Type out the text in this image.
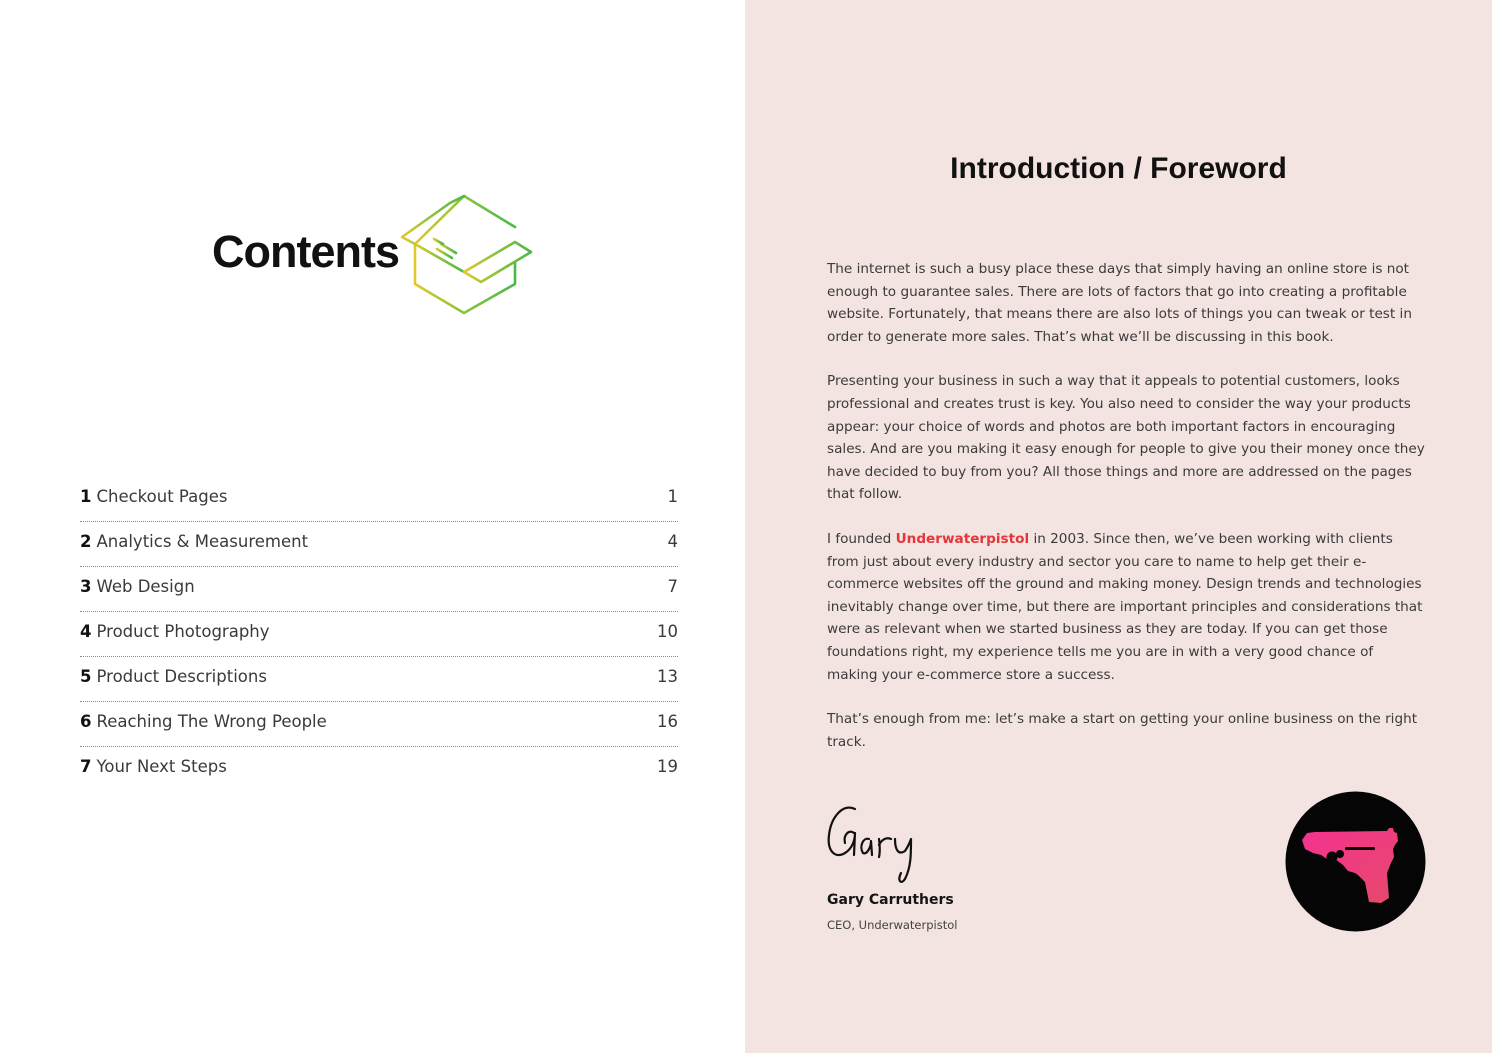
Contents
1 Checkout Pages	1
2 Analytics & Measurement	4
3 Web Design	7
4 Product Photography	10
5 Product Descriptions	13
6 Reaching The Wrong People	16
7 Your Next Steps	19
Introduction / Foreword

The internet is such a busy place these days that simply having an online store is not enough to guarantee sales. There are lots of factors that go into creating a profitable website. Fortunately, that means there are also lots of things you can tweak or test in order to generate more sales. That’s what we’ll be discussing in this book.

Presenting your business in such a way that it appeals to potential customers, looks professional and creates trust is key. You also need to consider the way your products appear: your choice of words and photos are both important factors in encouraging sales. And are you making it easy enough for people to give you their money once they have decided to buy from you? All those things and more are addressed on the pages that follow.

I founded Underwaterpistol in 2003. Since then, we’ve been working with clients from just about every industry and sector you care to name to help get their e-commerce websites off the ground and making money. Design trends and technologies inevitably change over time, but there are important principles and considerations that were as relevant when we started business as they are today. If you can get those foundations right, my experience tells me you are in with a very good chance of making your e-commerce store a success.

That’s enough from me: let’s make a start on getting your online business on the right track.

Gary Carruthers
CEO, Underwaterpistol
